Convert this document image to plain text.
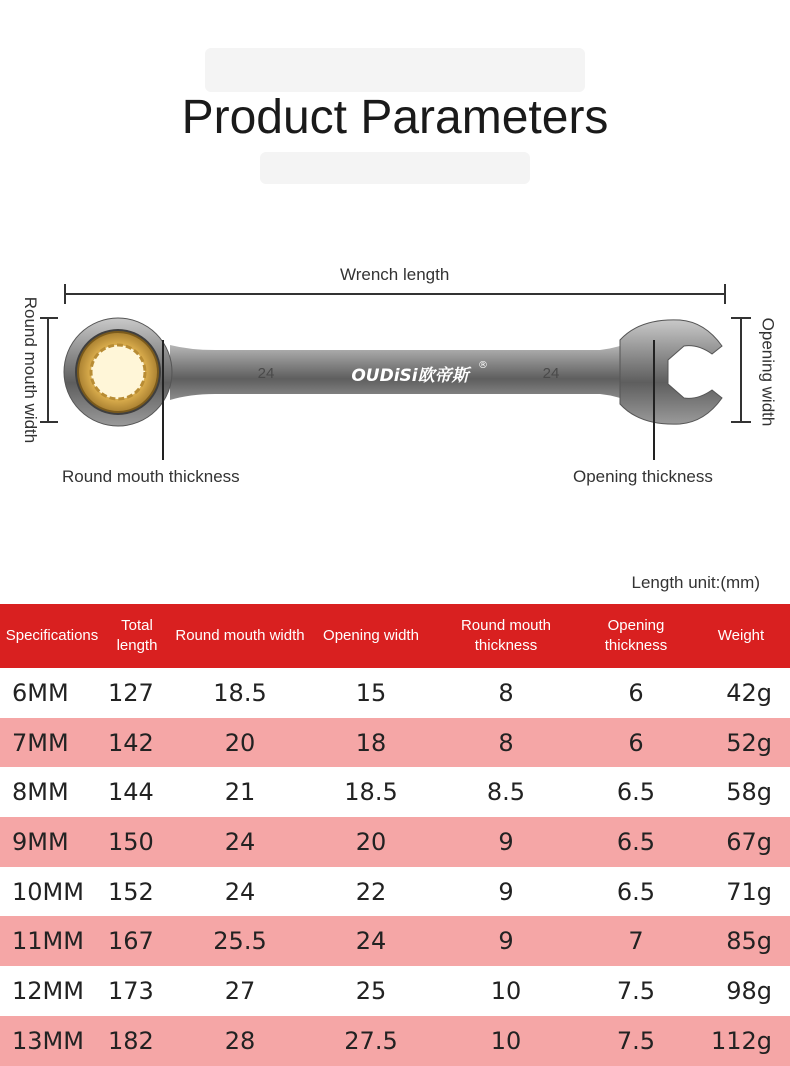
Product Parameters
24	24
OUDiSi欧帝斯
®
Wrench length
Round mouth width	Opening width
Round mouth thickness	Opening thickness
Length unit:(mm)
Specifications	Total length	Round mouth width	Opening width	Round mouth thickness	Opening thickness	Weight
6MM	127	18.5	15	8	6	42g
7MM	142	20	18	8	6	52g
8MM	144	21	18.5	8.5	6.5	58g
9MM	150	24	20	9	6.5	67g
10MM	152	24	22	9	6.5	71g
11MM	167	25.5	24	9	7	85g
12MM	173	27	25	10	7.5	98g
13MM	182	28	27.5	10	7.5	112g
